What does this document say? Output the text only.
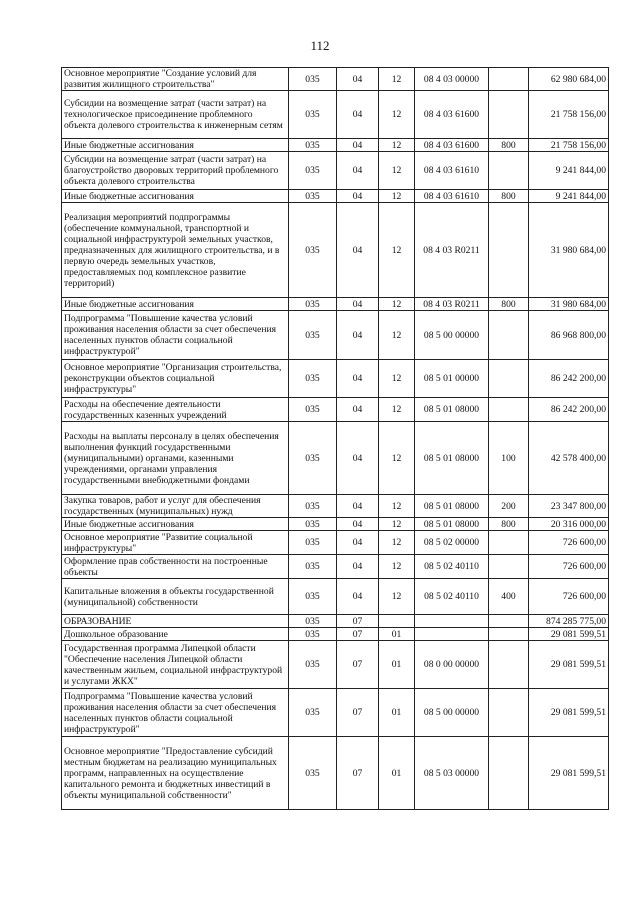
112
Основное мероприятие "Создание условий для развития жилищного строительства"	035	04	12	08 4 03 00000		62 980 684,00
Субсидии на возмещение затрат (части затрат) на технологическое присоединение проблемного объекта долевого строительства к инженерным сетям	035	04	12	08 4 03 61600		21 758 156,00
Иные бюджетные ассигнования	035	04	12	08 4 03 61600	800	21 758 156,00
Субсидии на возмещение затрат (части затрат) на благоустройство дворовых территорий проблемного объекта долевого строительства	035	04	12	08 4 03 61610		9 241 844,00
Иные бюджетные ассигнования	035	04	12	08 4 03 61610	800	9 241 844,00
Реализация мероприятий подпрограммы (обеспечение коммунальной, транспортной и социальной инфраструктурой земельных участков, предназначенных для жилищного строительства, и в первую очередь земельных участков, предоставляемых под комплексное развитие территорий)	035	04	12	08 4 03 R0211		31 980 684,00
Иные бюджетные ассигнования	035	04	12	08 4 03 R0211	800	31 980 684,00
Подпрограмма "Повышение качества условий проживания населения области за счет обеспечения населенных пунктов области социальной инфраструктурой"	035	04	12	08 5 00 00000		86 968 800,00
Основное мероприятие "Организация строительства, реконструкции объектов социальной инфраструктуры"	035	04	12	08 5 01 00000		86 242 200,00
Расходы на обеспечение деятельности государственных казенных учреждений	035	04	12	08 5 01 08000		86 242 200,00
Расходы на выплаты персоналу в целях обеспечения выполнения функций государственными (муниципальными) органами, казенными учреждениями, органами управления государственными внебюджетными фондами	035	04	12	08 5 01 08000	100	42 578 400,00
Закупка товаров, работ и услуг для обеспечения государственных (муниципальных) нужд	035	04	12	08 5 01 08000	200	23 347 800,00
Иные бюджетные ассигнования	035	04	12	08 5 01 08000	800	20 316 000,00
Основное мероприятие "Развитие социальной инфраструктуры"	035	04	12	08 5 02 00000		726 600,00
Оформление прав собственности на построенные объекты	035	04	12	08 5 02 40110		726 600,00
Капитальные вложения в объекты государственной (муниципальной) собственности	035	04	12	08 5 02 40110	400	726 600,00
ОБРАЗОВАНИЕ	035	07				874 285 775,00
Дошкольное образование	035	07	01			29 081 599,51
Государственная программа Липецкой области "Обеспечение населения Липецкой области качественным жильем, социальной инфраструктурой и услугами ЖКХ"	035	07	01	08 0 00 00000		29 081 599,51
Подпрограмма "Повышение качества условий проживания населения области за счет обеспечения населенных пунктов области социальной инфраструктурой"	035	07	01	08 5 00 00000		29 081 599,51
Основное мероприятие "Предоставление субсидий местным бюджетам на реализацию муниципальных программ, направленных на осуществление капитального ремонта и бюджетных инвестиций в объекты муниципальной собственности"	035	07	01	08 5 03 00000		29 081 599,51
